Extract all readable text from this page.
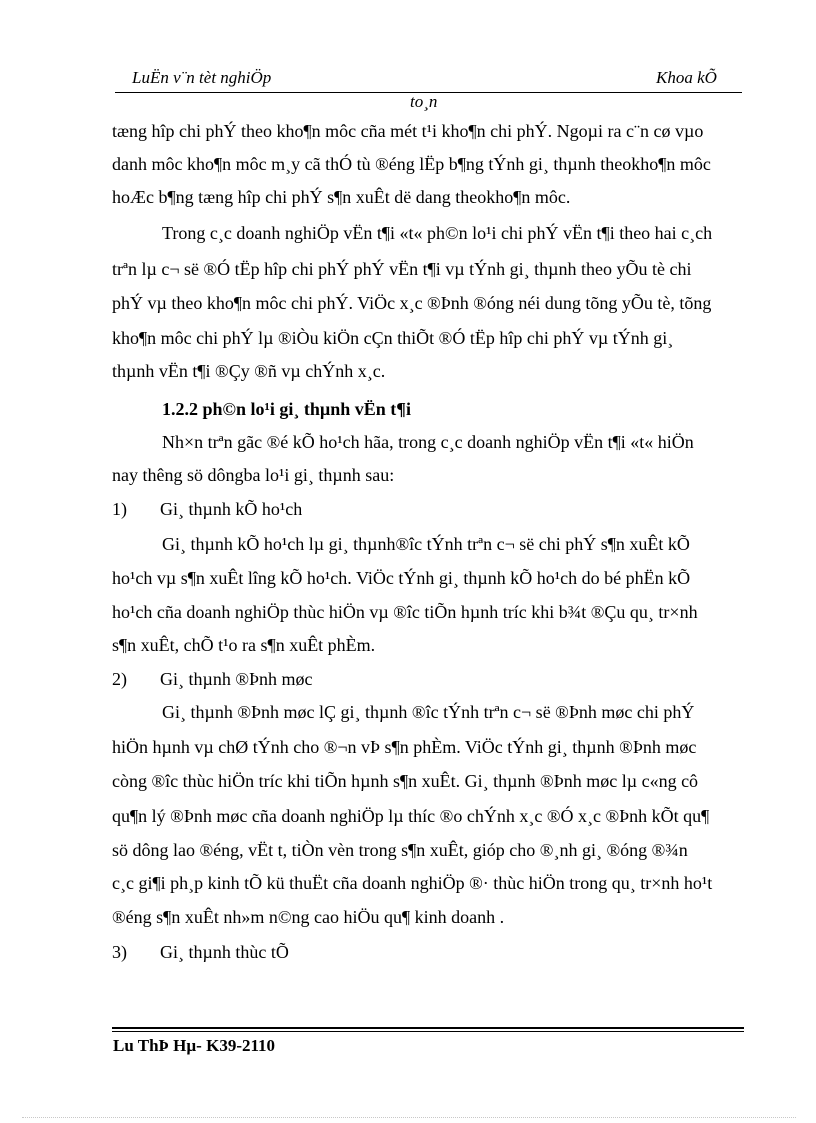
LuËn v¨n tèt nghiÖp	Khoa kÕ
to¸n
tæng hîp chi phÝ theo kho¶n môc cña mét t¹i kho¶n chi phÝ. Ngoµi ra c¨n cø vµo
danh môc kho¶n môc m¸y cã thÓ tù ®éng lËp b¶ng tÝnh gi¸ thµnh theokho¶n môc
hoÆc b¶ng tæng hîp chi phÝ s¶n xuÊt dë dang theokho¶n môc.
Trong c¸c doanh nghiÖp vËn t¶i «t« ph©n lo¹i chi phÝ vËn t¶i theo hai c¸ch
trªn lµ c¬ së ®Ó tËp hîp chi phÝ phÝ vËn t¶i vµ tÝnh gi¸ thµnh theo yÕu tè chi
phÝ vµ theo kho¶n môc chi phÝ. ViÖc x¸c ®Þnh ®óng néi dung tõng yÕu tè, tõng
kho¶n môc chi phÝ lµ ®iÒu kiÖn cÇn thiÕt ®Ó tËp hîp chi phÝ vµ tÝnh gi¸
thµnh vËn t¶i ®Çy ®ñ vµ chÝnh x¸c.
1.2.2 ph©n lo¹i gi¸ thµnh vËn t¶i
Nh×n trªn gãc ®é kÕ ho¹ch hãa, trong c¸c doanh nghiÖp vËn t¶i «t« hiÖn
nay thêng sö dôngba lo¹i gi¸ thµnh sau:
1)	Gi¸ thµnh kÕ ho¹ch
Gi¸ thµnh kÕ ho¹ch lµ gi¸ thµnh®îc tÝnh trªn c¬ së chi phÝ s¶n xuÊt kÕ
ho¹ch vµ s¶n xuÊt lîng kÕ ho¹ch. ViÖc tÝnh gi¸ thµnh kÕ ho¹ch do bé phËn kÕ
ho¹ch cña doanh nghiÖp thùc hiÖn vµ ®îc tiÕn hµnh tríc khi b¾t ®Çu qu¸ tr×nh
s¶n xuÊt, chÕ t¹o ra s¶n xuÊt phÈm.
2)	Gi¸ thµnh ®Þnh møc
Gi¸ thµnh ®Þnh møc lÇ gi¸ thµnh ®îc tÝnh trªn c¬ së ®Þnh møc chi phÝ
hiÖn hµnh vµ chØ tÝnh cho ®¬n vÞ s¶n phÈm. ViÖc tÝnh gi¸ thµnh ®Þnh møc
còng ®îc thùc hiÖn tríc khi tiÕn hµnh s¶n xuÊt. Gi¸ thµnh ®Þnh møc lµ c«ng cô
qu¶n lý ®Þnh møc cña doanh nghiÖp lµ thíc ®o chÝnh x¸c ®Ó x¸c ®Þnh kÕt qu¶
sö dông lao ®éng, vËt t, tiÒn vèn trong s¶n xuÊt, gióp cho ®¸nh gi¸ ®óng ®¾n
c¸c gi¶i ph¸p kinh tÕ kü thuËt cña doanh nghiÖp ®· thùc hiÖn trong qu¸ tr×nh ho¹t
®éng s¶n xuÊt nh»m n©ng cao hiÖu qu¶ kinh doanh .
3)	Gi¸ thµnh thùc tÕ
Lu ThÞ Hµ- K39-2110
